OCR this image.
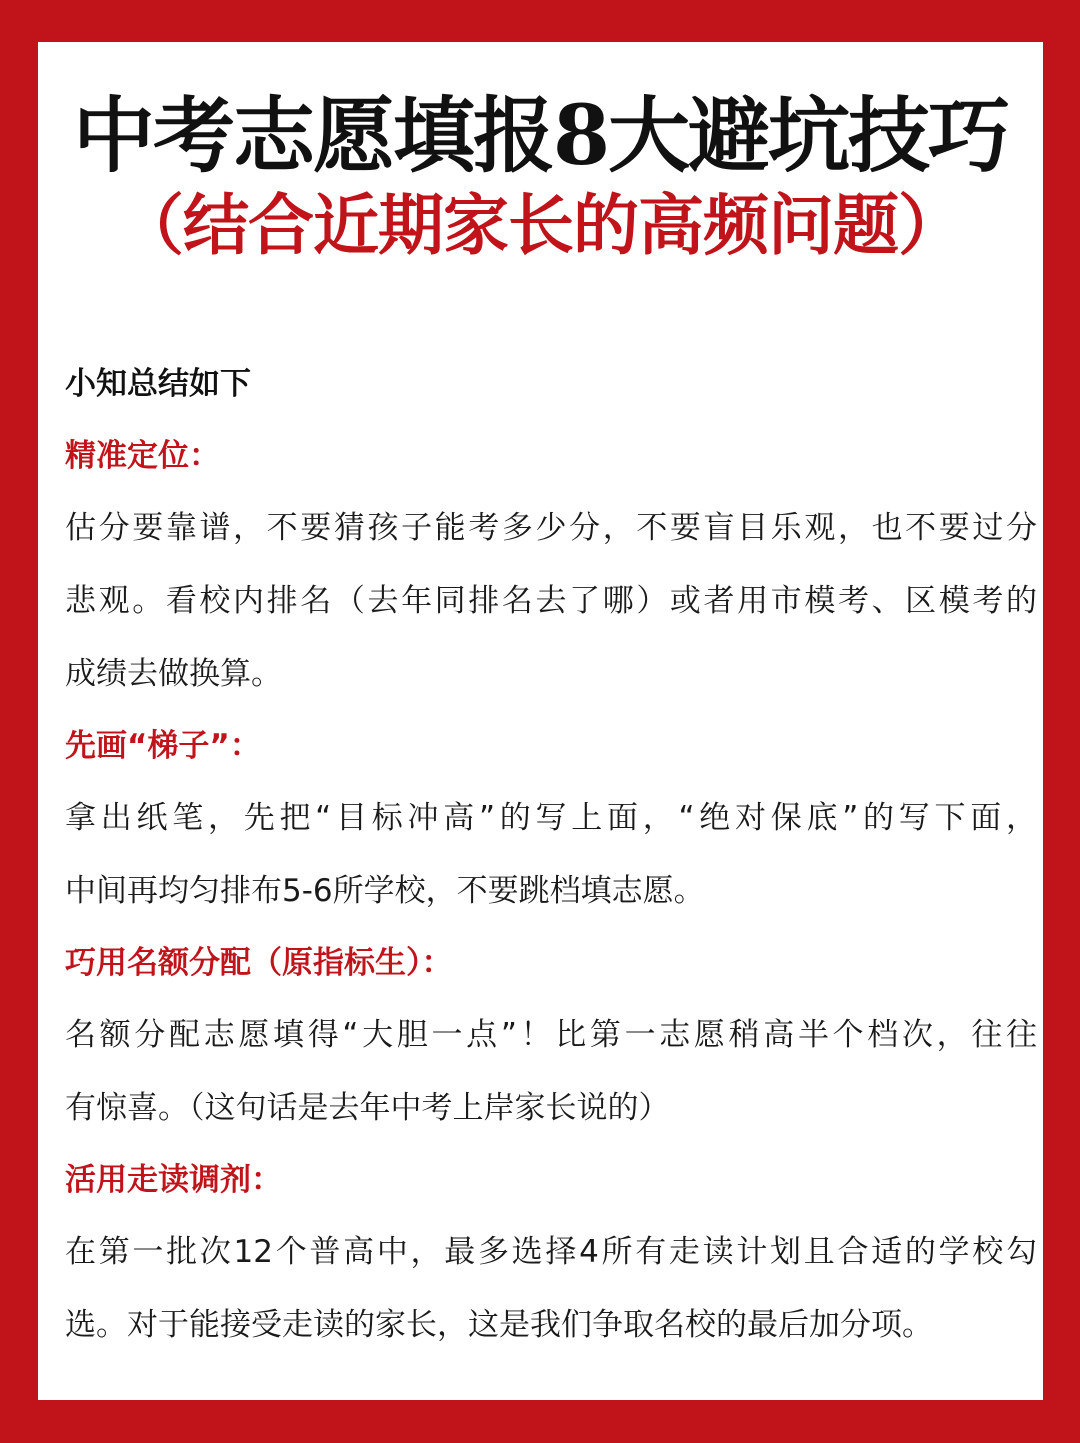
中考志愿填报8大避坑技巧
（结合近期家长的高频问题）
小知总结如下
精准定位：
估分要靠谱，不要猜孩子能考多少分，不要盲目乐观，也不要过分
悲观。看校内排名（去年同排名去了哪）或者用市模考、区模考的
成绩去做换算。
先画“梯子”：
拿出纸笔，先把“目标冲高”的写上面，“绝对保底”的写下面，
中间再均匀排布5-6所学校，不要跳档填志愿。
巧用名额分配（原指标生）：
名额分配志愿填得“大胆一点”！比第一志愿稍高半个档次，往往
有惊喜。（这句话是去年中考上岸家长说的）
活用走读调剂：
在第一批次12个普高中，最多选择4所有走读计划且合适的学校勾
选。对于能接受走读的家长，这是我们争取名校的最后加分项。
